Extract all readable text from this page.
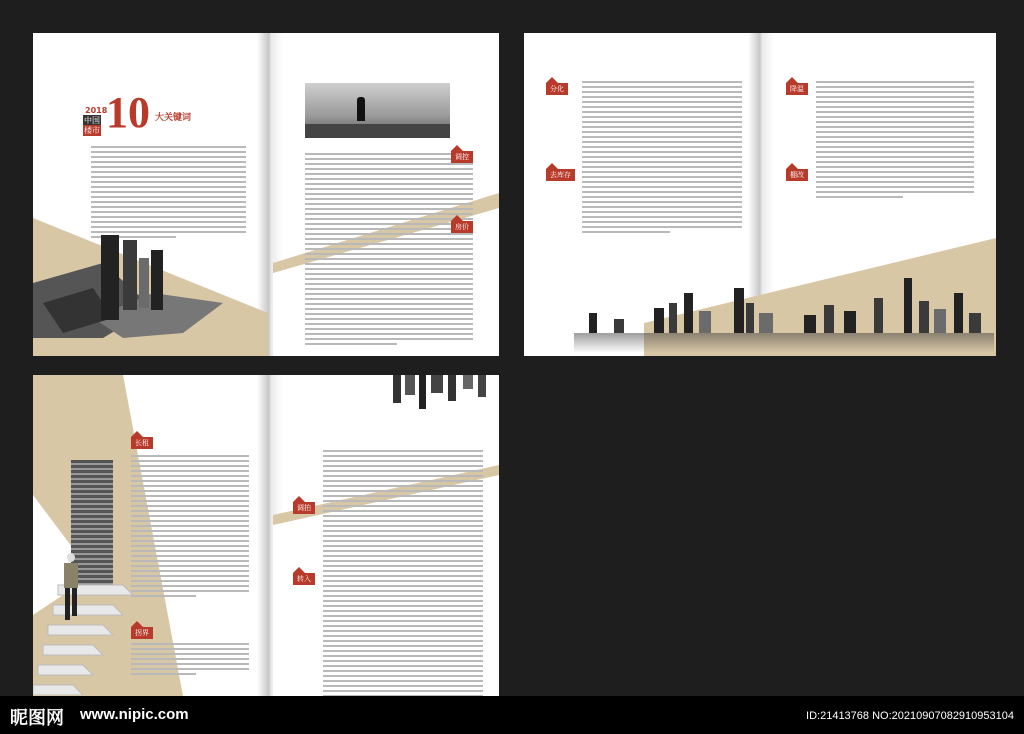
2018
中国
楼市 10 大关键词
调控
房价
分化
去库存
降温
棚改
长租
拐界
调拍
转入
昵图网 www.nipic.com	ID:21413768 NO:20210907082910953104
